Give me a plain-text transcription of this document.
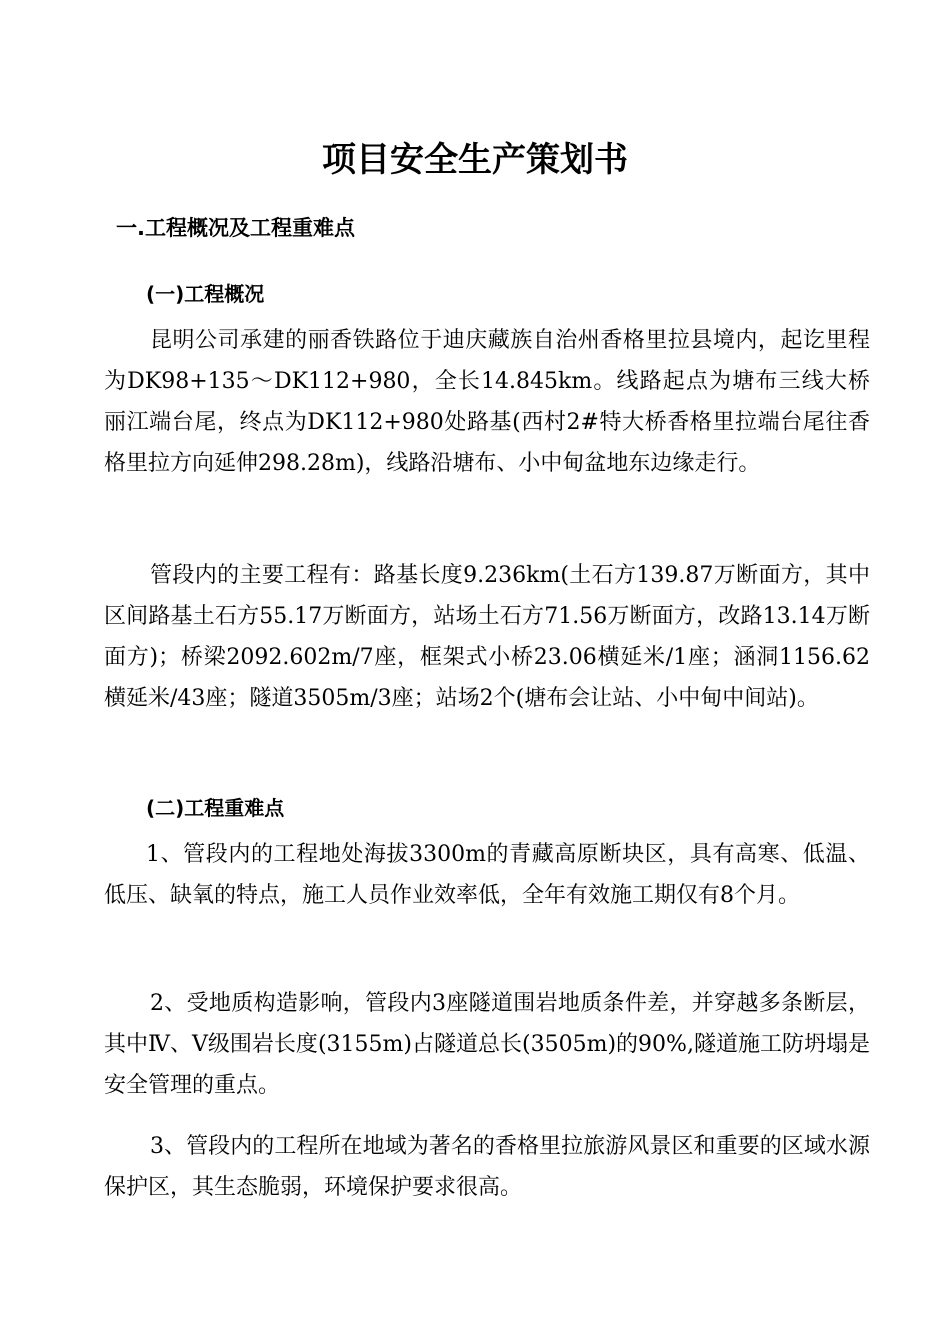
项目安全生产策划书
一.工程概况及工程重难点
(一)工程概况

昆明公司承建的丽香铁路位于迪庆藏族自治州香格里拉县境内，起讫里程为DK98+135～DK112+980，全长14.845km。线路起点为塘布三线大桥丽江端台尾，终点为DK112+980处路基(西村2#特大桥香格里拉端台尾往香格里拉方向延伸298.28m)，线路沿塘布、小中甸盆地东边缘走行。

管段内的主要工程有：路基长度9.236km(土石方139.87万断面方，其中区间路基土石方55.17万断面方，站场土石方71.56万断面方，改路13.14万断面方)；桥梁2092.602m/7座，框架式小桥23.06横延米/1座；涵洞1156.62横延米/43座；隧道3505m/3座；站场2个(塘布会让站、小中甸中间站)。

(二)工程重难点

1、管段内的工程地处海拔3300m的青藏高原断块区，具有高寒、低温、低压、缺氧的特点，施工人员作业效率低，全年有效施工期仅有8个月。

2、受地质构造影响，管段内3座隧道围岩地质条件差，并穿越多条断层，其中Ⅳ、Ⅴ级围岩长度(3155m)占隧道总长(3505m)的90%,隧道施工防坍塌是安全管理的重点。

3、管段内的工程所在地域为著名的香格里拉旅游风景区和重要的区域水源保护区，其生态脆弱，环境保护要求很高。
